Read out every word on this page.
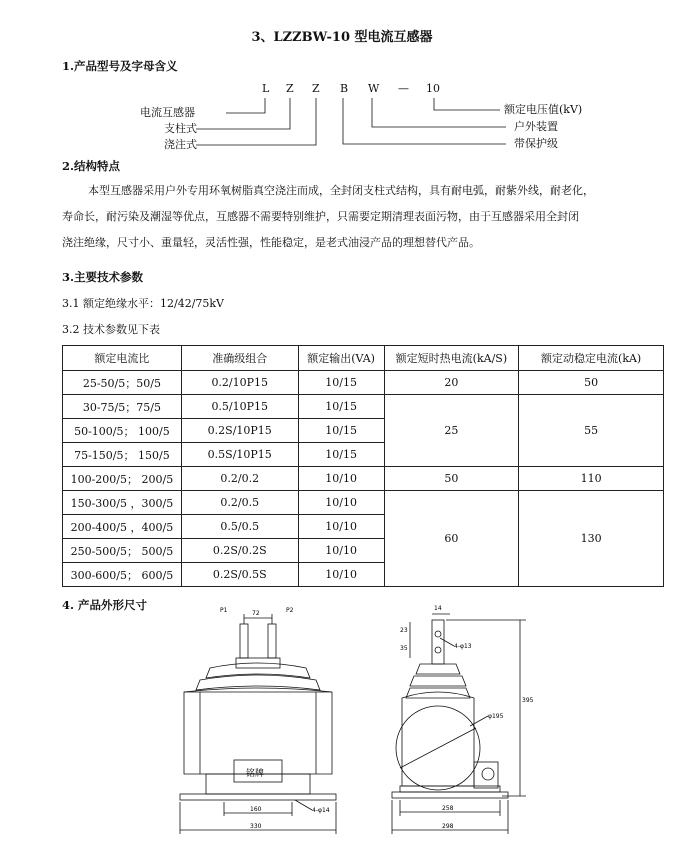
3、LZZBW-10 型电流互感器
1.产品型号及字母含义
L Z Z B W — 10
电流互感器
支柱式
浇注式
额定电压值(kV)
户外装置
带保护级
2.结构特点
本型互感器采用户外专用环氧树脂真空浇注而成，全封闭支柱式结构，具有耐电弧，耐紫外线，耐老化，
寿命长，耐污染及潮湿等优点，互感器不需要特别维护，只需要定期清理表面污物，由于互感器采用全封闭
浇注绝缘，尺寸小、重量轻，灵活性强，性能稳定，是老式油浸产品的理想替代产品。
3.主要技术参数
3.1 额定绝缘水平：12/42/75kV
3.2 技术参数见下表
额定电流比	准确级组合	额定输出(VA)	额定短时热电流(kA/S)	额定动稳定电流(kA)
25-50/5；50/5	0.2/10P15	10/15	20	50
30-75/5；75/5	0.5/10P15	10/15	25	55
50-100/5； 100/5	0.2S/10P15	10/15		
75-150/5； 150/5	0.5S/10P15	10/15		
100-200/5； 200/5	0.2/0.2	10/10	50	110
150-300/5 ，300/5	0.2/0.5	10/10	60	130
200-400/5 ，400/5	0.5/0.5	10/10		
250-500/5； 500/5	0.2S/0.2S	10/10		
300-600/5； 600/5	0.2S/0.5S	10/10		
4. 产品外形尺寸	P1	P2
72
铭牌
4-φ14
160
330
14
23
35	4-φ13
φ195
395
258
298
